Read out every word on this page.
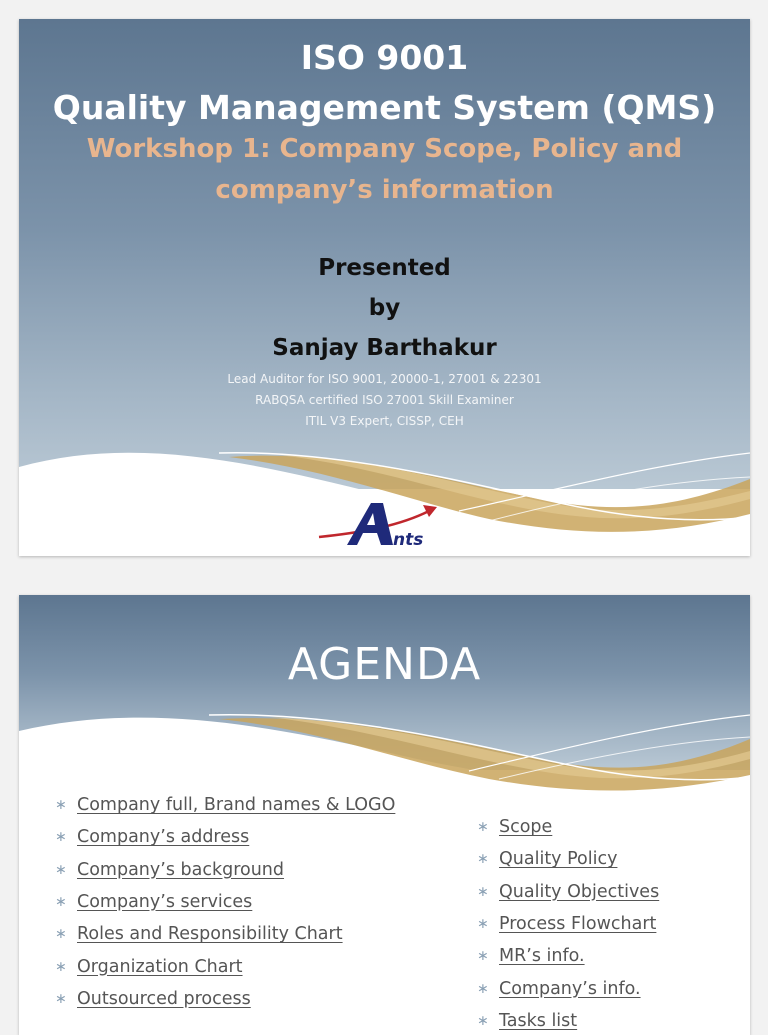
ISO 9001
Quality Management System (QMS)
Workshop 1: Company Scope, Policy and
company’s information
Presented
by
Sanjay Barthakur
Lead Auditor for ISO 9001, 20000-1, 27001 & 22301
RABQSA certified ISO 27001 Skill Examiner
ITIL V3 Expert, CISSP, CEH
nts
AGENDA
∗ Company full, Brand names & LOGO
∗ Company’s address
∗ Company’s background
∗ Company’s services
∗ Roles and Responsibility Chart
∗ Organization Chart
∗ Outsourced process
∗ Scope
∗ Quality Policy
∗ Quality Objectives
∗ Process Flowchart
∗ MR’s info.
∗ Company’s info.
∗ Tasks list
